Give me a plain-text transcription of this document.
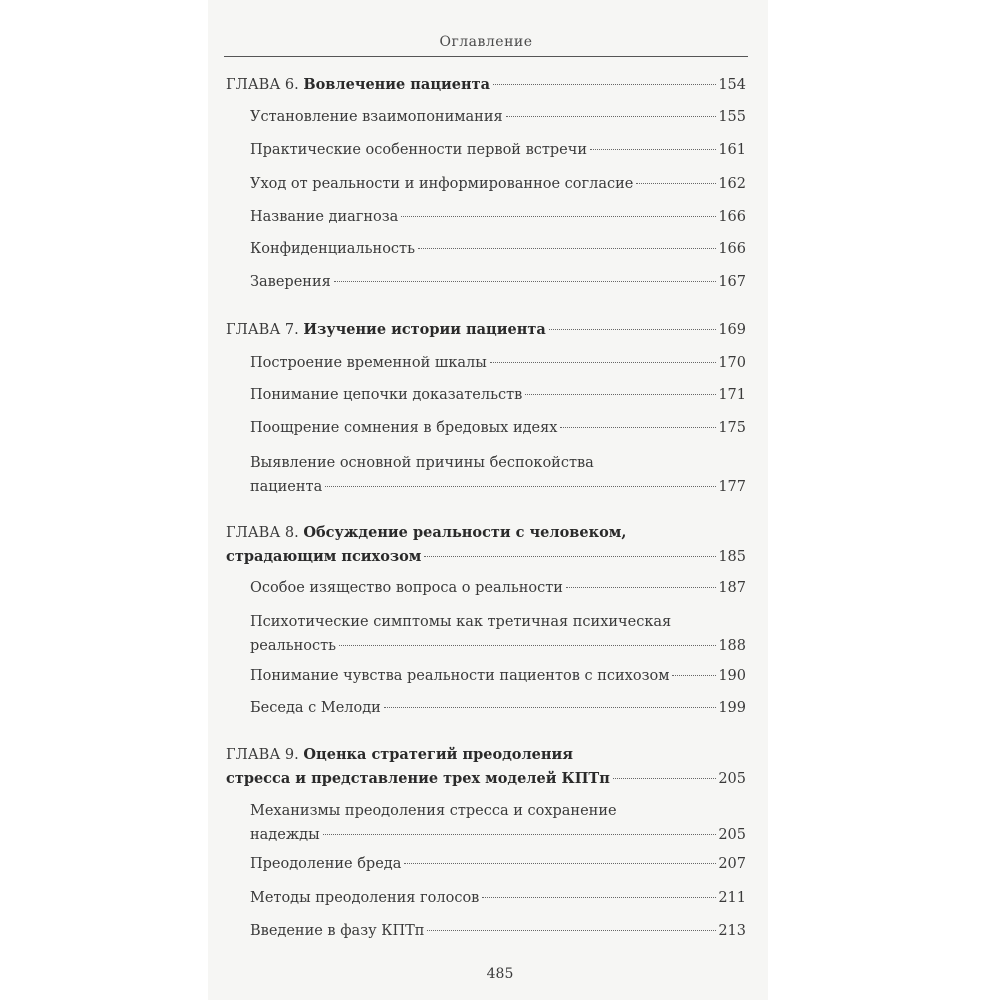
Оглавление
ГЛАВА 6. Вовлечение пациента	154
Установление взаимопонимания	155
Практические особенности первой встречи	161
Уход от реальности и информированное согласие	162
Название диагноза	166
Конфиденциальность	166
Заверения	167
ГЛАВА 7. Изучение истории пациента	169
Построение временной шкалы	170
Понимание цепочки доказательств	171
Поощрение сомнения в бредовых идеях	175
Выявление основной причины беспокойства
пациента	177
ГЛАВА 8. Обсуждение реальности с человеком,
страдающим психозом	185
Особое изящество вопроса о реальности	187
Психотические симптомы как третичная психическая
реальность	188
Понимание чувства реальности пациентов с психозом	190
Беседа с Мелоди	199
ГЛАВА 9. Оценка стратегий преодоления
стресса и представление трех моделей КПТп	205
Механизмы преодоления стресса и сохранение
надежды	205
Преодоление бреда	207
Методы преодоления голосов	211
Введение в фазу КПТп	213
485
